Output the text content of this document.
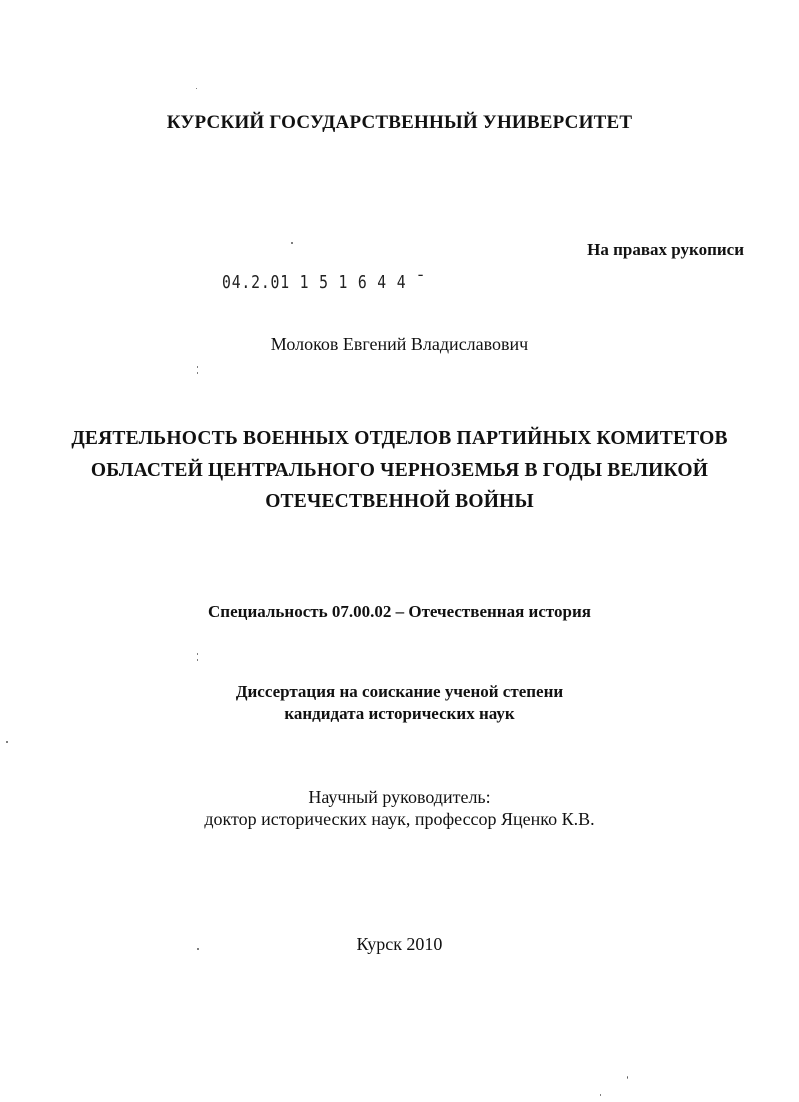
КУРСКИЙ ГОСУДАРСТВЕННЫЙ УНИВЕРСИТЕТ
На правах рукописи
04.2.01 1 5 1 6 4 4 ¯
Молоков Евгений Владиславович
ДЕЯТЕЛЬНОСТЬ ВОЕННЫХ ОТДЕЛОВ ПАРТИЙНЫХ КОМИТЕТОВ
ОБЛАСТЕЙ ЦЕНТРАЛЬНОГО ЧЕРНОЗЕМЬЯ В ГОДЫ ВЕЛИКОЙ
ОТЕЧЕСТВЕННОЙ ВОЙНЫ
Специальность 07.00.02 – Отечественная история
Диссертация на соискание ученой степени
кандидата исторических наук
Научный руководитель:
доктор исторических наук, профессор Яценко К.В.
Курск 2010
